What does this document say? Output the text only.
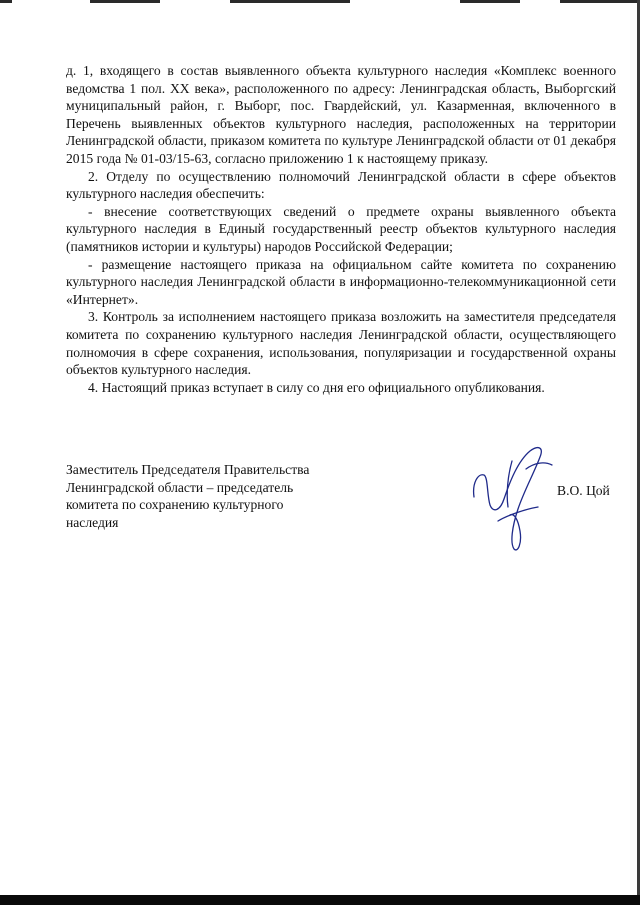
д. 1, входящего в состав выявленного объекта культурного наследия «Комплекс военного ведомства 1 пол. XX века», расположенного по адресу: Ленинградская область, Выборгский муниципальный район, г. Выборг, пос. Гвардейский, ул. Казарменная, включенного в Перечень выявленных объектов культурного наследия, расположенных на территории Ленинградской области, приказом комитета по культуре Ленинградской области от 01 декабря 2015 года № 01-03/15-63, согласно приложению 1 к настоящему приказу.

2. Отделу по осуществлению полномочий Ленинградской области в сфере объектов культурного наследия обеспечить:

- внесение соответствующих сведений о предмете охраны выявленного объекта культурного наследия в Единый государственный реестр объектов культурного наследия (памятников истории и культуры) народов Российской Федерации;

- размещение настоящего приказа на официальном сайте комитета по сохранению культурного наследия Ленинградской области в информационно-телекоммуникационной сети «Интернет».

3. Контроль за исполнением настоящего приказа возложить на заместителя председателя комитета по сохранению культурного наследия Ленинградской области, осуществляющего полномочия в сфере сохранения, использования, популяризации и государственной охраны объектов культурного наследия.

4. Настоящий приказ вступает в силу со дня его официального опубликования.

Заместитель Председателя Правительства
Ленинградской области – председатель
комитета по сохранению культурного
наследия
В.О. Цой
